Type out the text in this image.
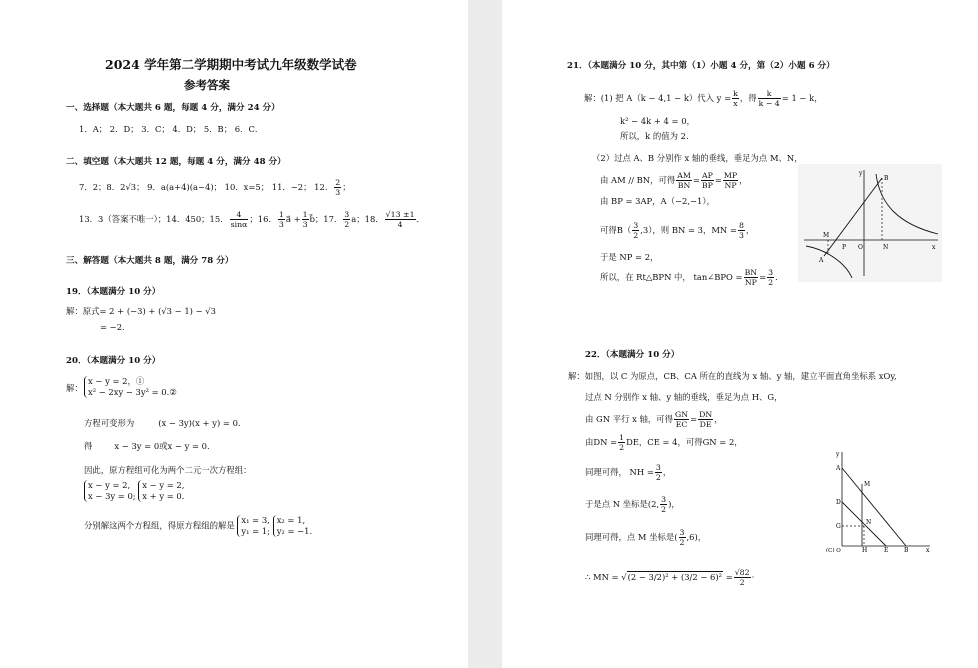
2024 学年第二学期期中考试九年级数学试卷
参考答案
一、选择题（本大题共 6 题，每题 4 分，满分 24 分）
1．A； 2．D； 3．C； 4．D； 5．B； 6．C．
二、填空题（本大题共 12 题，每题 4 分，满分 48 分）
7．2；8．2√3； 9．a(a+4)(a−4)； 10．x=5； 11．−2； 12． $\frac{2}{3}$ ；
13．3（答案不唯一）；14．450；15． $\frac{4}{\sin\alpha}$ ；16． $\frac{1}{3}$ a⃗ + $\frac{1}{3}$ b⃗；17． $\frac{3}{2}$ a；18． $\frac{√13 \pm 1}{4}$ ．
三、解答题（本大题共 8 题，满分 78 分）
19．（本题满分 10 分）
解：原式= 2 + (−3) + (√3 − 1) − √3
= −2．
20．（本题满分 10 分）
解：
x − y = 2，①
x² − 2xy − 3y² = 0.②
方程可变形为	(x − 3y)(x + y) = 0.
得	x − 3y = 0或x − y = 0.
因此，原方程组可化为两个二元一次方程组：
x − y = 2,
x − 3y = 0;

x − y = 2,
x + y = 0.
分别解这两个方程组，得原方程组的解是
x₁ = 3,
y₁ = 1;

x₂ = 1,
y₂ = −1.
21．（本题满分 10 分，其中第（1）小题 4 分，第（2）小题 6 分）
解：(1) 把 A（k − 4,1 − k）代入 $y = \frac{k}{x}$ ，得 $\frac{k}{k - 4} = 1 - k$，
k² − 4k + 4 = 0，
所以，k 的值为 2.
（2）过点 A、B 分别作 x 轴的垂线，垂足为点 M、N，
由 AM // BN，可得 $\frac{AM}{BN} = \frac{AP}{BP} = \frac{MP}{NP}$ ，
由 BP = 3AP，A（−2,−1），
可得$B( \frac{3}{2} ,3)$，则 BN = 3，MN = $\frac{8}{3}$ ，
于是 NP = 2，
所以，在 Rt△BPN 中， tan∠BPO = $\frac{BN}{NP} = \frac{3}{2}$ ．
y
x
B
M
P O	N
A
22．（本题满分 10 分）
解：如图，以 C 为原点，CB、CA 所在的直线为 x 轴、y 轴，建立平面直角坐标系 xOy,
过点 N 分别作 x 轴、y 轴的垂线，垂足为点 H、G，
由 GN 平行 x 轴，可得 $\frac{GN}{EC} = \frac{DN}{DE}$ ，
由DN = $\frac{1}{2}$ DE，CE = 4，可得GN = 2，
同理可得， NH = $\frac{3}{2}$ ，
于是点 N 坐标是(2, $\frac{3}{2}$ )，
同理可得，点 M 坐标是( $\frac{3}{2} ,6$)，
∴ MN = $√(2 - 3/2)^2 + (3/2 - 6)^2 = \frac{√82}{2}$ ·
y
A
M
D
G
N
(C) O	H	E	B	x
